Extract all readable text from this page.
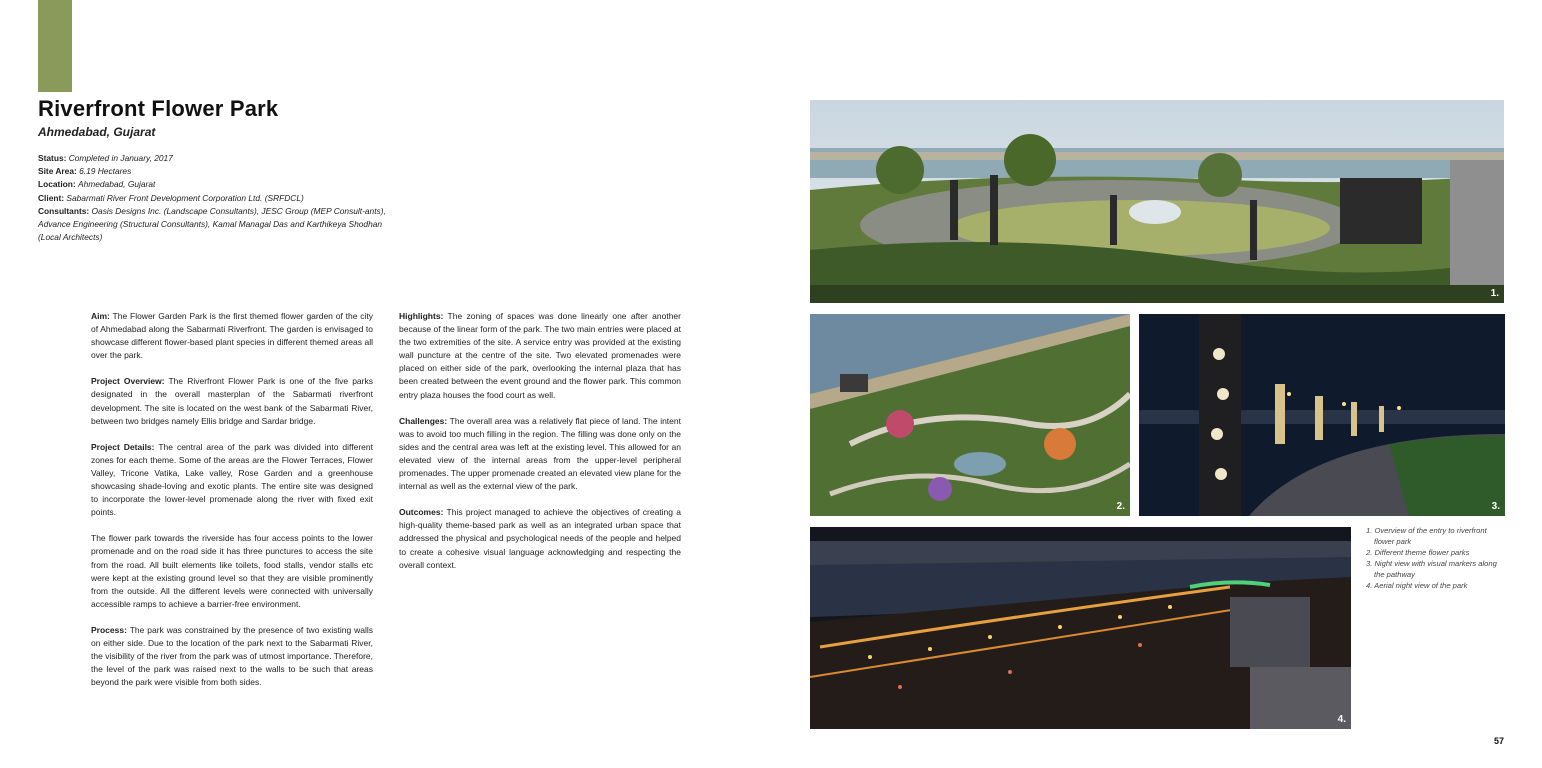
Riverfront Flower Park
Ahmedabad, Gujarat

Status: Completed in January, 2017

Site Area: 6.19 Hectares

Location: Ahmedabad, Gujarat

Client: Sabarmati River Front Development Corporation Ltd. (SRFDCL)

Consultants: Oasis Designs Inc. (Landscape Consultants), JESC Group (MEP Consult-ants), Advance Engineering (Structural Consultants), Kamal Managal Das and Karthikeya Shodhan (Local Architects)

Aim: The Flower Garden Park is the first themed flower garden of the city of Ahmedabad along the Sabarmati Riverfront. The garden is envisaged to showcase different flower-based plant species in different themed areas all over the park.

Project Overview: The Riverfront Flower Park is one of the five parks designated in the overall masterplan of the Sabarmati riverfront development. The site is located on the west bank of the Sabarmati River, between two bridges namely Ellis bridge and Sardar bridge.

Project Details: The central area of the park was divided into different zones for each theme. Some of the areas are the Flower Terraces, Flower Valley, Tricone Vatika, Lake valley, Rose Garden and a greenhouse showcasing shade-loving and exotic plants. The entire site was designed to incorporate the lower-level promenade along the river with fixed exit points.

The flower park towards the riverside has four access points to the lower promenade and on the road side it has three punctures to access the site from the road. All built elements like toilets, food stalls, vendor stalls etc were kept at the existing ground level so that they are visible prominently from the outside. All the different levels were connected with universally accessible ramps to achieve a barrier-free environment.

Process: The park was constrained by the presence of two existing walls on either side. Due to the location of the park next to the Sabarmati River, the visibility of the river from the park was of utmost importance. Therefore, the level of the park was raised next to the walls to be such that areas beyond the park were visible from both sides.

Highlights: The zoning of spaces was done linearly one after another because of the linear form of the park. The two main entries were placed at the two extremities of the site. A service entry was provided at the existing wall puncture at the centre of the site. Two elevated promenades were placed on either side of the park, overlooking the internal plaza that has been created between the event ground and the flower park. This common entry plaza houses the food court as well.

Challenges: The overall area was a relatively flat piece of land. The intent was to avoid too much filling in the region. The filling was done only on the sides and the central area was left at the existing level. This allowed for an elevated view of the internal areas from the upper-level peripheral promenades. The upper promenade created an elevated view plane for the internal as well as the external view of the park.

Outcomes: This project managed to achieve the objectives of creating a high-quality theme-based park as well as an integrated urban space that addressed the physical and psychological needs of the people and helped to create a cohesive visual language acknowledging and respecting the overall context.

1.
2.	3.
4.
1. Overview of the entry to riverfront flower park
2. Different theme flower parks
3. Night view with visual markers along the pathway
4. Aerial night view of the park
57
